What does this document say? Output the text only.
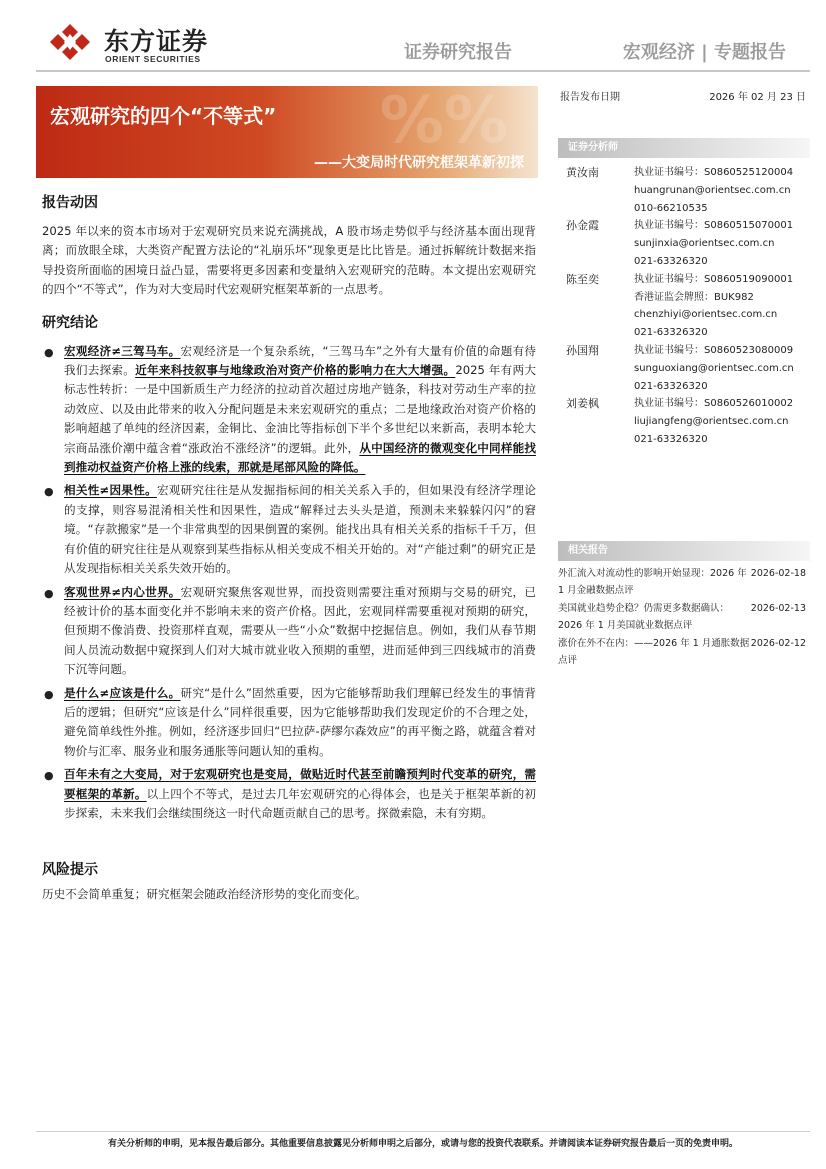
东方证券
ORIENT SECURITIES	证券研究报告	宏观经济 | 专题报告
%%
宏观研究的四个“不等式”
——大变局时代研究框架革新初探
报告动因

2025 年以来的资本市场对于宏观研究员来说充满挑战，A 股市场走势似乎与经济基本面出现背离；而放眼全球，大类资产配置方法论的“礼崩乐坏”现象更是比比皆是。通过拆解统计数据来指导投资所面临的困境日益凸显，需要将更多因素和变量纳入宏观研究的范畴。本文提出宏观研究的四个“不等式”，作为对大变局时代宏观研究框架革新的一点思考。

研究结论
● 宏观经济≠三驾马车。宏观经济是一个复杂系统，“三驾马车”之外有大量有价值的命题有待我们去探索。近年来科技叙事与地缘政治对资产价格的影响力在大大增强。2025 年有两大标志性转折：一是中国新质生产力经济的拉动首次超过房地产链条，科技对劳动生产率的拉动效应、以及由此带来的收入分配问题是未来宏观研究的重点；二是地缘政治对资产价格的影响超越了单纯的经济因素，金铜比、金油比等指标创下半个多世纪以来新高，表明本轮大宗商品涨价潮中蕴含着“涨政治不涨经济”的逻辑。此外，从中国经济的微观变化中同样能找到推动权益资产价格上涨的线索，那就是尾部风险的降低。
● 相关性≠因果性。宏观研究往往是从发掘指标间的相关关系入手的，但如果没有经济学理论的支撑，则容易混淆相关性和因果性，造成“解释过去头头是道，预测未来躲躲闪闪”的窘境。“存款搬家”是一个非常典型的因果倒置的案例。能找出具有相关关系的指标千千万，但有价值的研究往往是从观察到某些指标从相关变成不相关开始的。对“产能过剩”的研究正是从发现指标相关关系失效开始的。
● 客观世界≠内心世界。宏观研究聚焦客观世界，而投资则需要注重对预期与交易的研究，已经被计价的基本面变化并不影响未来的资产价格。因此，宏观同样需要重视对预期的研究，但预期不像消费、投资那样直观，需要从一些“小众”数据中挖掘信息。例如，我们从春节期间人员流动数据中窥探到人们对大城市就业收入预期的重塑，进而延伸到三四线城市的消费下沉等问题。
● 是什么≠应该是什么。研究“是什么”固然重要，因为它能够帮助我们理解已经发生的事情背后的逻辑；但研究“应该是什么”同样很重要，因为它能够帮助我们发现定价的不合理之处，避免简单线性外推。例如，经济逐步回归“巴拉萨-萨缪尔森效应”的再平衡之路，就蕴含着对物价与汇率、服务业和服务通胀等问题认知的重构。
● 百年未有之大变局，对于宏观研究也是变局，做贴近时代甚至前瞻预判时代变革的研究，需要框架的革新。以上四个不等式，是过去几年宏观研究的心得体会，也是关于框架革新的初步探索，未来我们会继续围绕这一时代命题贡献自己的思考。探微索隐，未有穷期。
风险提示

历史不会简单重复；研究框架会随政治经济形势的变化而变化。

报告发布日期	2026 年 02 月 23 日
证券分析师
黄汝南	执业证书编号：S0860525120004
huangrunan@orientsec.com.cn
010-66210535
孙金霞	执业证书编号：S0860515070001
sunjinxia@orientsec.com.cn
021-63326320
陈至奕	执业证书编号：S0860519090001
香港证监会牌照：BUK982
chenzhiyi@orientsec.com.cn
021-63326320
孙国翔	执业证书编号：S0860523080009
sunguoxiang@orientsec.com.cn
021-63326320
刘姜枫	执业证书编号：S0860526010002
liujiangfeng@orientsec.com.cn
021-63326320
相关报告
外汇流入对流动性的影响开始显现：2026 年 1 月金融数据点评
2026-02-18
美国就业趋势企稳？仍需更多数据确认：2026 年 1 月美国就业数据点评
2026-02-13
涨价在外不在内：——2026 年 1 月通胀数据点评
2026-02-12
有关分析师的申明，见本报告最后部分。其他重要信息披露见分析师申明之后部分，或请与您的投资代表联系。并请阅读本证券研究报告最后一页的免责申明。
